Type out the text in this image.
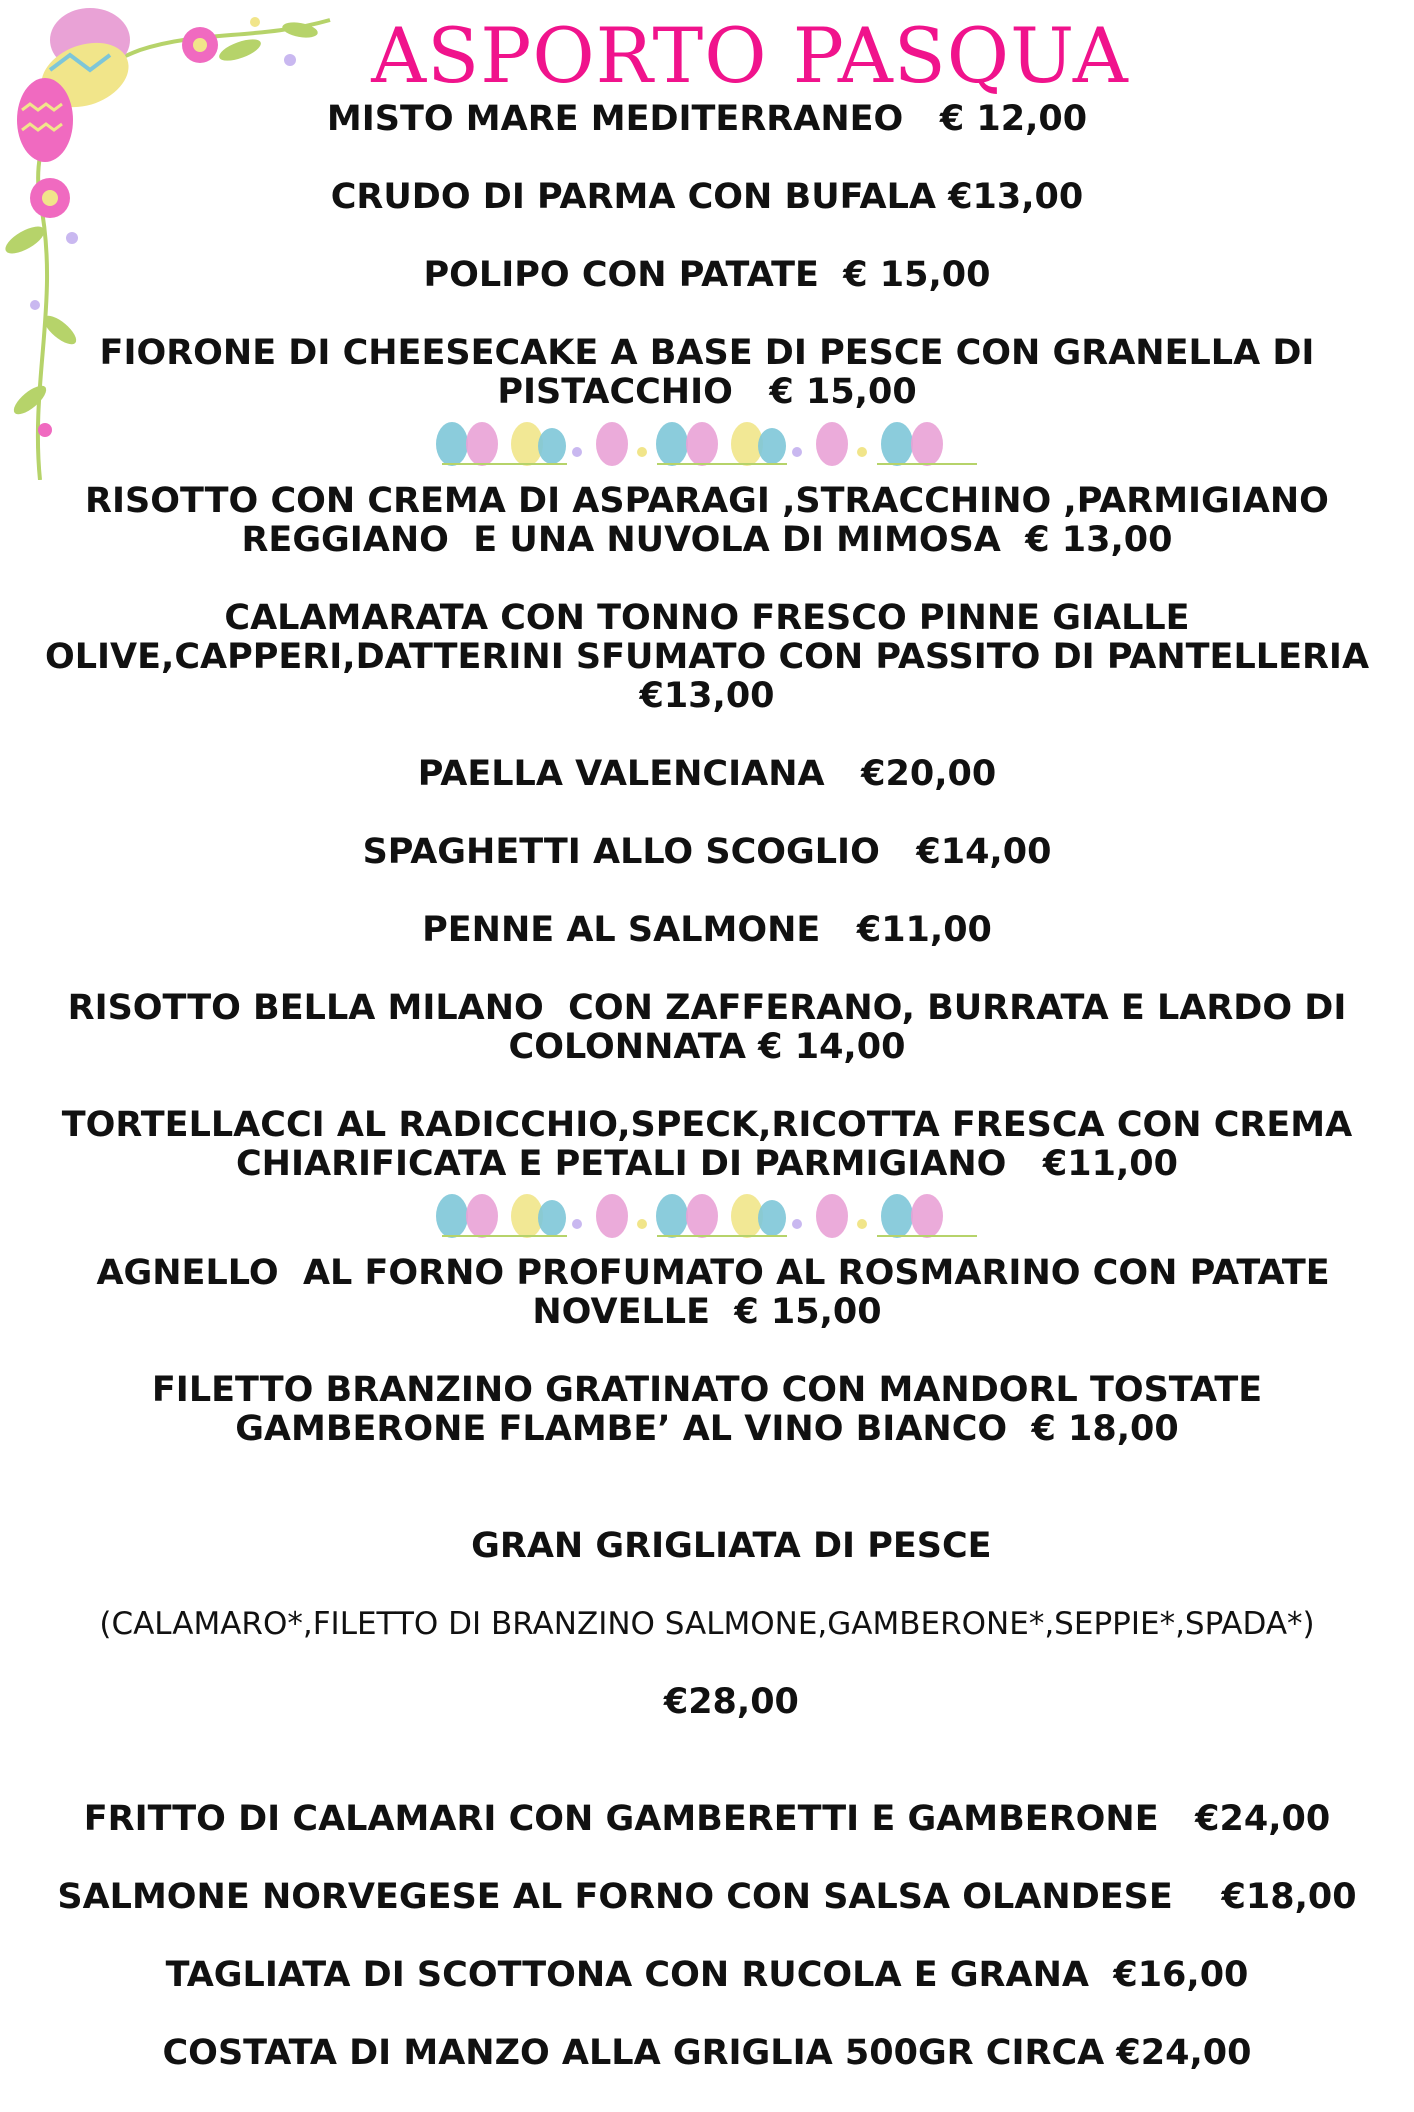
ASPORTO PASQUA

MISTO MARE MEDITERRANEO   € 12,00

CRUDO DI PARMA CON BUFALA €13,00

POLIPO CON PATATE  € 15,00

FIORONE DI CHEESECAKE A BASE DI PESCE CON GRANELLA DI
PISTACCHIO   € 15,00

RISOTTO CON CREMA DI ASPARAGI ,STRACCHINO ,PARMIGIANO
REGGIANO  E UNA NUVOLA DI MIMOSA  € 13,00

CALAMARATA CON TONNO FRESCO PINNE GIALLE
OLIVE,CAPPERI,DATTERINI SFUMATO CON PASSITO DI PANTELLERIA
€13,00

PAELLA VALENCIANA   €20,00

SPAGHETTI ALLO SCOGLIO   €14,00

PENNE AL SALMONE   €11,00

RISOTTO BELLA MILANO  CON ZAFFERANO, BURRATA E LARDO DI
COLONNATA € 14,00

TORTELLACCI AL RADICCHIO,SPECK,RICOTTA FRESCA CON CREMA
CHIARIFICATA E PETALI DI PARMIGIANO   €11,00

AGNELLO  AL FORNO PROFUMATO AL ROSMARINO CON PATATE
NOVELLE  € 15,00

FILETTO BRANZINO GRATINATO CON MANDORL TOSTATE
GAMBERONE FLAMBE’ AL VINO BIANCO  € 18,00

GRAN GRIGLIATA DI PESCE

(CALAMARO*,FILETTO DI BRANZINO SALMONE,GAMBERONE*,SEPPIE*,SPADA*)

€28,00

FRITTO DI CALAMARI CON GAMBERETTI E GAMBERONE   €24,00

SALMONE NORVEGESE AL FORNO CON SALSA OLANDESE    €18,00

TAGLIATA DI SCOTTONA CON RUCOLA E GRANA  €16,00

COSTATA DI MANZO ALLA GRIGLIA 500GR CIRCA €24,00
